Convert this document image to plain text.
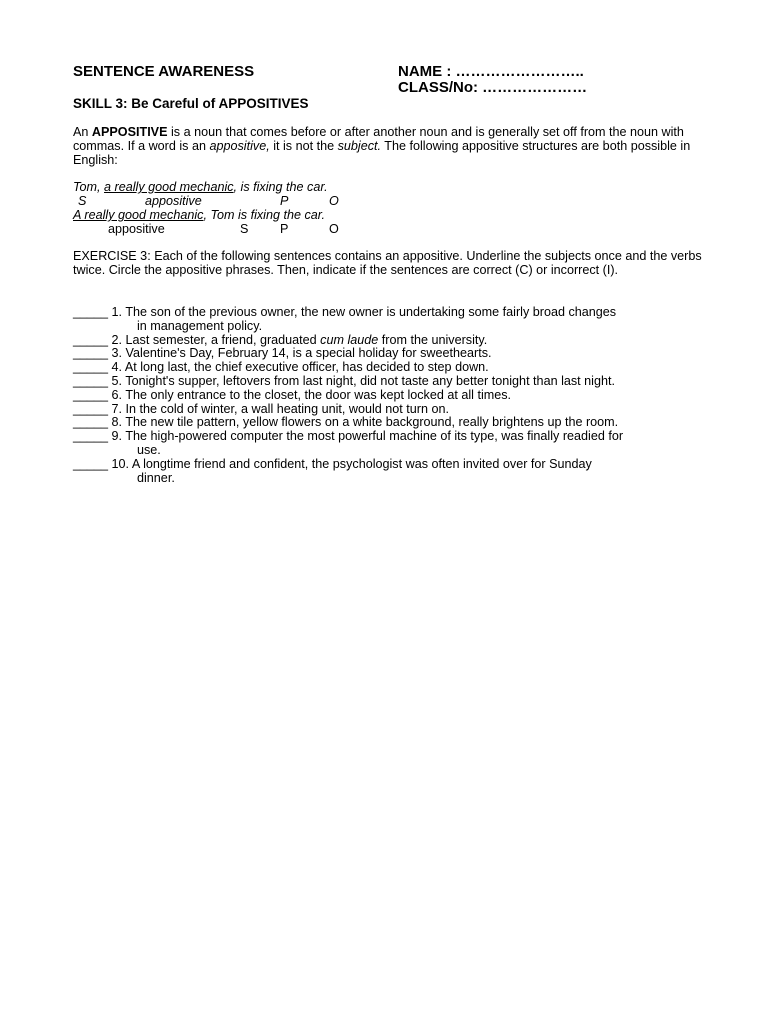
SENTENCE AWARENESS	NAME : ……………………..
CLASS/No: …………………
SKILL 3: Be Careful of APPOSITIVES
An APPOSITIVE is a noun that comes before or after another noun and is generally set off from the noun with commas. If a word is an appositive, it is not the subject. The following appositive structures are both possible in English:
Tom, a really good mechanic, is fixing the car.
S	appositive	P	O
A really good mechanic, Tom is fixing the car.
appositive	S	P	O
EXERCISE 3: Each of the following sentences contains an appositive. Underline the subjects once and the verbs twice. Circle the appositive phrases. Then, indicate if the sentences are correct (C) or incorrect (I).
_____ 1. The son of the previous owner, the new owner is undertaking some fairly broad changes
in management policy.
_____ 2. Last semester, a friend, graduated cum laude from the university.
_____ 3. Valentine's Day, February 14, is a special holiday for sweethearts.
_____ 4. At long last, the chief executive officer, has decided to step down.
_____ 5. Tonight's supper, leftovers from last night, did not taste any better tonight than last night.
_____ 6. The only entrance to the closet, the door was kept locked at all times.
_____ 7. In the cold of winter, a wall heating unit, would not turn on.
_____ 8. The new tile pattern, yellow flowers on a white background, really brightens up the room.
_____ 9. The high-powered computer the most powerful machine of its type, was finally readied for
use.
_____ 10. A longtime friend and confident, the psychologist was often invited over for Sunday
dinner.
